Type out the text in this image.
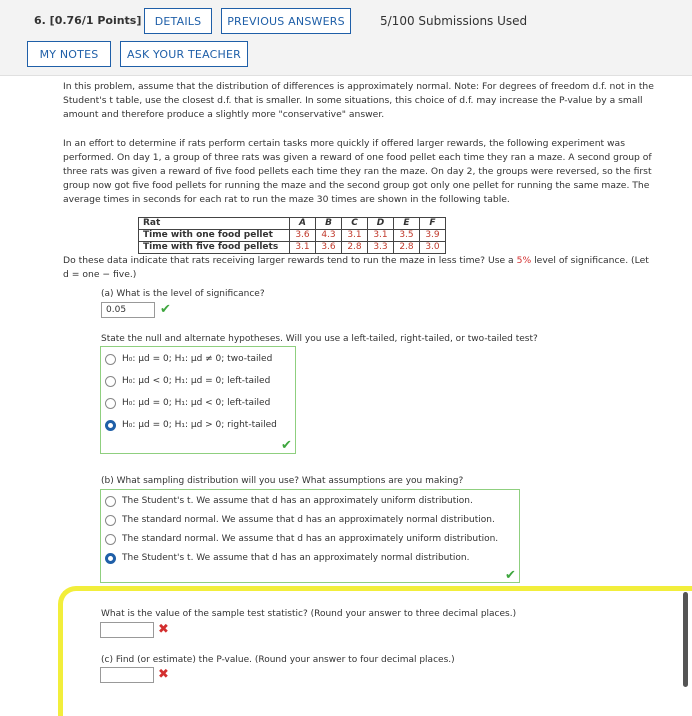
6. [0.76/1 Points]	DETAILS	PREVIOUS ANSWERS	5/100 Submissions Used
MY NOTES	ASK YOUR TEACHER
In this problem, assume that the distribution of differences is approximately normal. Note: For degrees of freedom d.f. not in the
Student's t table, use the closest d.f. that is smaller. In some situations, this choice of d.f. may increase the P-value by a small
amount and therefore produce a slightly more "conservative" answer.
In an effort to determine if rats perform certain tasks more quickly if offered larger rewards, the following experiment was
performed. On day 1, a group of three rats was given a reward of one food pellet each time they ran a maze. A second group of
three rats was given a reward of five food pellets each time they ran the maze. On day 2, the groups were reversed, so the first
group now got five food pellets for running the maze and the second group got only one pellet for running the same maze. The
average times in seconds for each rat to run the maze 30 times are shown in the following table.
Rat	A	B	C	D	E	F
Time with one food pellet	3.6	4.3	3.1	3.1	3.5	3.9
Time with five food pellets	3.1	3.6	2.8	3.3	2.8	3.0
Do these data indicate that rats receiving larger rewards tend to run the maze in less time? Use a 5% level of significance. (Let
d = one − five.)
(a) What is the level of significance?
0.05	✔
State the null and alternate hypotheses. Will you use a left-tailed, right-tailed, or two-tailed test?
H₀: μd = 0; H₁: μd ≠ 0; two-tailed
H₀: μd < 0; H₁: μd = 0; left-tailed
H₀: μd = 0; H₁: μd < 0; left-tailed
H₀: μd = 0; H₁: μd > 0; right-tailed
✔
(b) What sampling distribution will you use? What assumptions are you making?
The Student's t. We assume that d has an approximately uniform distribution.
The standard normal. We assume that d has an approximately normal distribution.
The standard normal. We assume that d has an approximately uniform distribution.
The Student's t. We assume that d has an approximately normal distribution.
✔
What is the value of the sample test statistic? (Round your answer to three decimal places.)
✖
(c) Find (or estimate) the P-value. (Round your answer to four decimal places.)
✖
